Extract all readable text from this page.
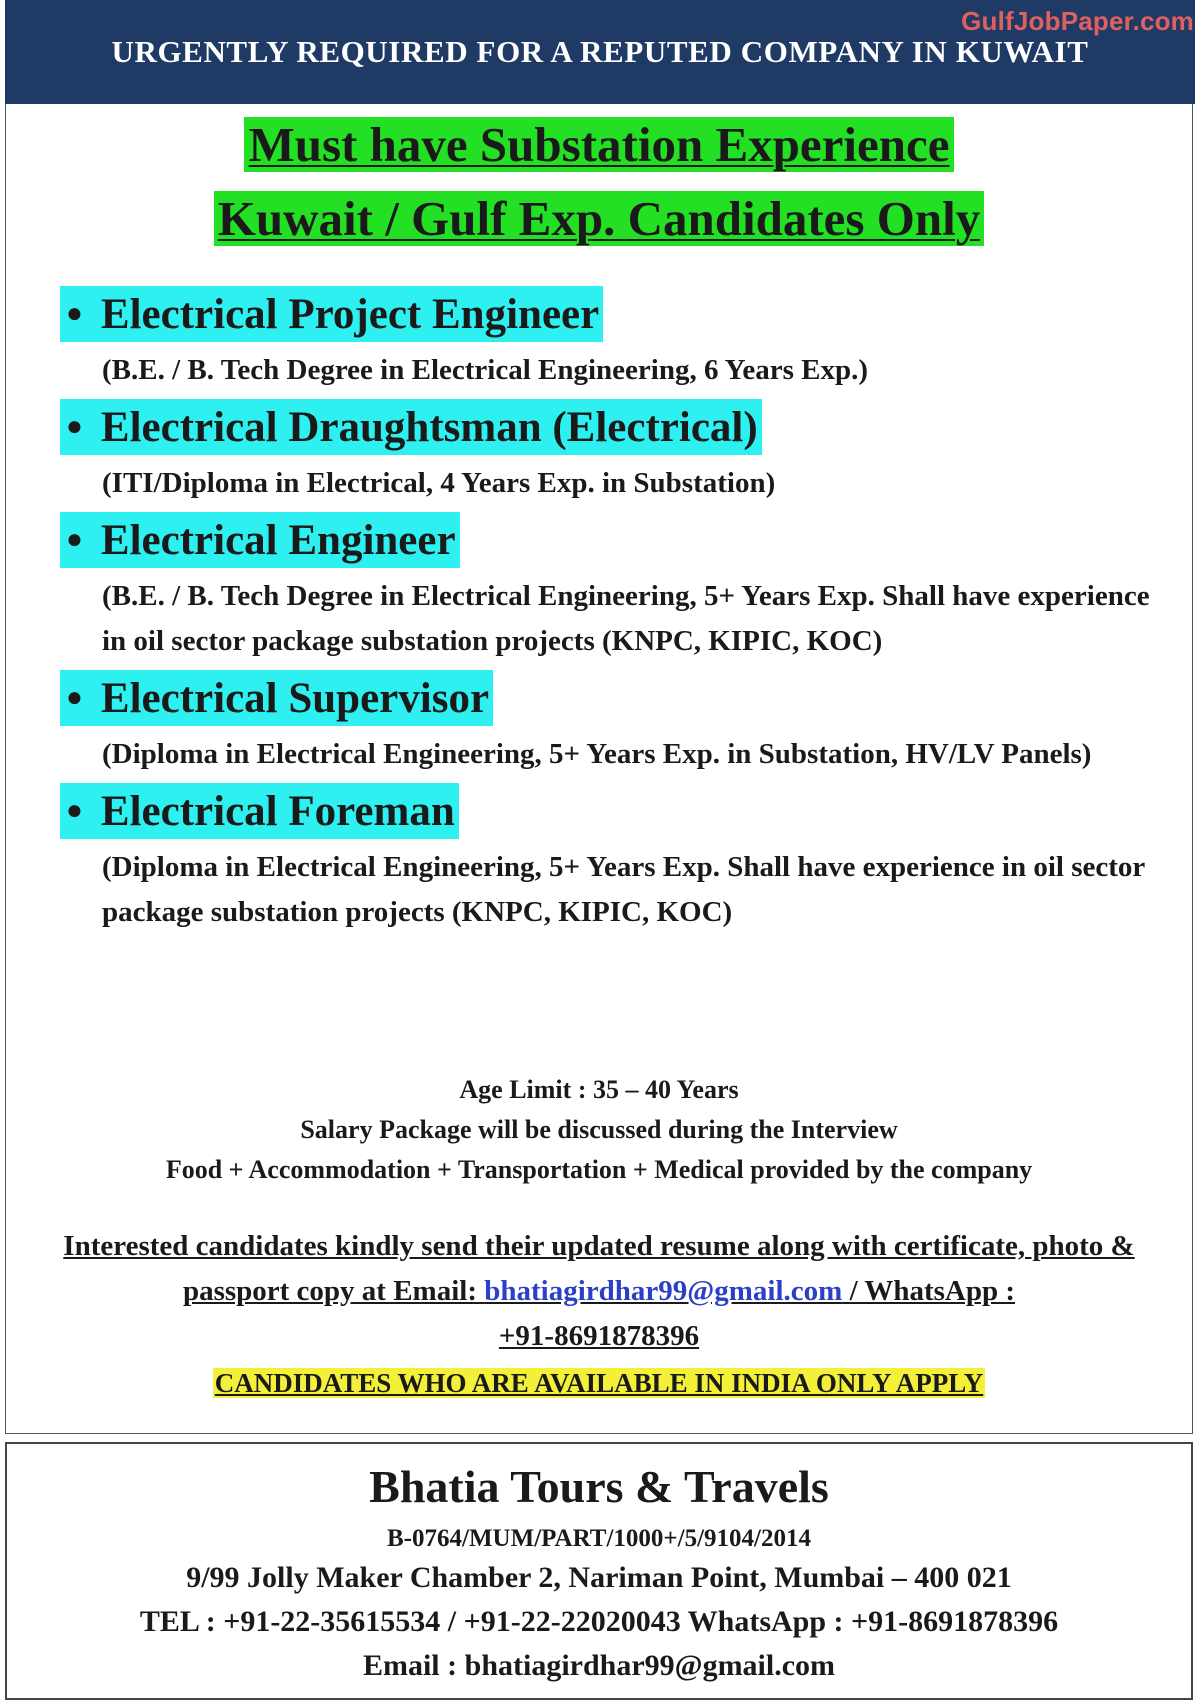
GulfJobPaper.com
URGENTLY REQUIRED FOR A REPUTED COMPANY IN KUWAIT
Must have Substation Experience
Kuwait / Gulf Exp. Candidates Only
● Electrical Project Engineer
(B.E. / B. Tech Degree in Electrical Engineering, 6 Years Exp.)
● Electrical Draughtsman (Electrical)
(ITI/Diploma in Electrical, 4 Years Exp. in Substation)
● Electrical Engineer
(B.E. / B. Tech Degree in Electrical Engineering, 5+ Years Exp. Shall have experience in oil sector package substation projects (KNPC, KIPIC, KOC)
● Electrical Supervisor
(Diploma in Electrical Engineering, 5+ Years Exp. in Substation, HV/LV Panels)
● Electrical Foreman
(Diploma in Electrical Engineering, 5+ Years Exp. Shall have experience in oil sector package substation projects (KNPC, KIPIC, KOC)
Age Limit : 35 – 40 Years
Salary Package will be discussed during the Interview
Food + Accommodation + Transportation + Medical provided by the company
Interested candidates kindly send their updated resume along with certificate, photo & passport copy at Email: bhatiagirdhar99@gmail.com / WhatsApp :
+91-8691878396
CANDIDATES WHO ARE AVAILABLE IN INDIA ONLY APPLY
Bhatia Tours & Travels
B-0764/MUM/PART/1000+/5/9104/2014
9/99 Jolly Maker Chamber 2, Nariman Point, Mumbai – 400 021
TEL : +91-22-35615534 / +91-22-22020043 WhatsApp : +91-8691878396
Email : bhatiagirdhar99@gmail.com
